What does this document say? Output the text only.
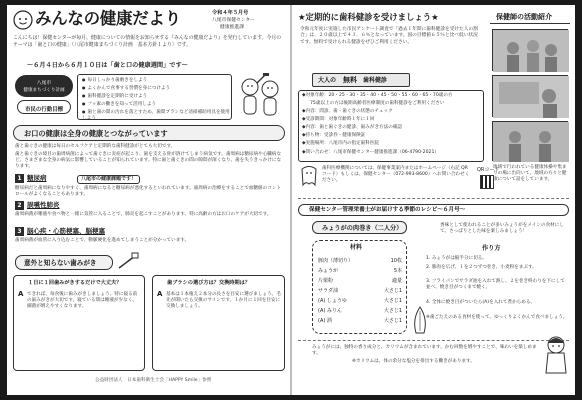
みんなの健康だより	令和４年５月号
八尾市保健センター
健康推進課
こんにちは！保健センターが毎月、健康についての情報をお知らせする『みんなの健康だより』を発行しています。今月のテーマは「歯と口の健康」（八尾市健康まちづくり計画　基本方針１より）です。
～６月４日から６月１０日は「歯と口の健康週間」です～
八尾市
健康まちづくり計画
市民の行動目標
● 毎日しっかり歯磨きをしよう
● よくかんで食事する習慣を身につけよう
● 歯科健診を定期的に受けよう
● フッ素の働きを知って活用しよう
● 歯と歯の間の汚れを落とすため、歯間ブラシなど清掃補助用具を使用しよう
お口の健康は全身の健康とつながっています
歯と歯ぐきの健康は毎日のセルフケアと定期的な歯科健診がとても大切です。
歯と歯ぐきの境目の歯周病菌によって歯ぐきに炎症が起こり、歯を支える骨が溶けてしまう病気です。歯周病は糖尿病や心臓病など、さまざまな全身の病気に影響していることが知られています。特に歯と歯ぐきの間の隙間が深くなり、歯を失うきっかけになります。
1 糖尿病	八尾市の健康課題です！
糖尿病だと歯周病になりやすく、歯周病になると糖尿病が悪化するといわれています。歯周病の治療をすることで血糖値のコントロールがよくなることもあります。
2 誤嚥性肺炎
歯周病菌が唾液や食べ物と一緒に気管に入ることで、肺炎を起こすことがあります。特に高齢の方はお口のケアが大切です。
3 脳心疾・心筋梗塞、脳梗塞
歯周病菌が血管に入り込むことで、動脈硬化を進めてしまうことが分かっています。
意外と知らない歯みがき
１日に１回歯みがきするだけで大丈夫？
A できれば、毎食後に歯みがきしましょう。特に寝る前の歯みがきが大切です。寝ている間は唾液が少なく、細菌が増えやすくなります。
歯ブラシの選び方は？交換時期は？
A 基本は１本植え２本分の長さを目安に選びましょう。毛先が開いたら交換のサインです。１か月に１回を目安に交換しましょう。
公益財団法人　日本歯科衛生士会「HAPPY Smile」参照
★定期的に歯科健診を受けましょう★
令和元年度に実施した市民アンケート調査で「過去１年間に歯科健診を受けた人の割合」は、２０歳以上で４３．６％となっています。国の目標値６５％と比べ低い状況です。無料で受けられる健診をぜひご利用ください。
大人の 無料 歯科健診
◆対象年齢：20・25・30・35・40・45・50・55・60・65・70歳の方
75歳以上の方は後期高齢者医療制度の歯科健診をご利用ください
◆内容：問診、歯・歯ぐきの状態のチェック
◆受診期間：対象年齢時１年に１回
◆内容：歯と歯ぐきの健診、歯みがき方法の確認
◆持ち物：受診券・健康保険証
◆実施場所：八尾市内の指定歯科医院
◆問い合わせ：八尾市保健センター健康推進課（06-4790-2021）
歯科医療機関については、保健事業案内またはホームページ（右記 QR コード）もしくは、保健センター（072-993-8600）へお問い合わせください。
QRコード
保健師の活動紹介
地域で行われている健康体操や集まりの場に出向いて、地域の方々と健康について話をしています。
保健センター管理栄養士がお届けする季節のレシピ～６月号～
みょうがの肉巻き（二人分）	香味として使われることが多いみょうがをメインの食材にして、さっぱりとした味を楽しみましょう！
材料
豚肉（薄切り）	10枚
みょうが	5本
片栗粉	適量
サラダ油	大さじ1
(A) しょうゆ	大さじ1
(A) みりん	大さじ1
(A) 酒	大さじ1
作り方
1. みょうがは縦半分に切る。
2. 豚肉を広げ、１を２つずつ巻き、小麦粉をまぶす。
3. フライパンでサラダ油を入れて熱し、２を巻き終わりを下にして並べ、焼き目がつくまで焼く。
4. 全体に焼き目がついたら(A)を入れて煮からめる。
※歯ごたえのある食材を使って、ゆっくりよくかんで食べましょう。
みょうがには、独特の香り成分と、カリウムが含まれています。かむ回数を増やすことで、味わいを楽しめます。
※カリウムは、体の余分な塩分を排出する働きがあります。
